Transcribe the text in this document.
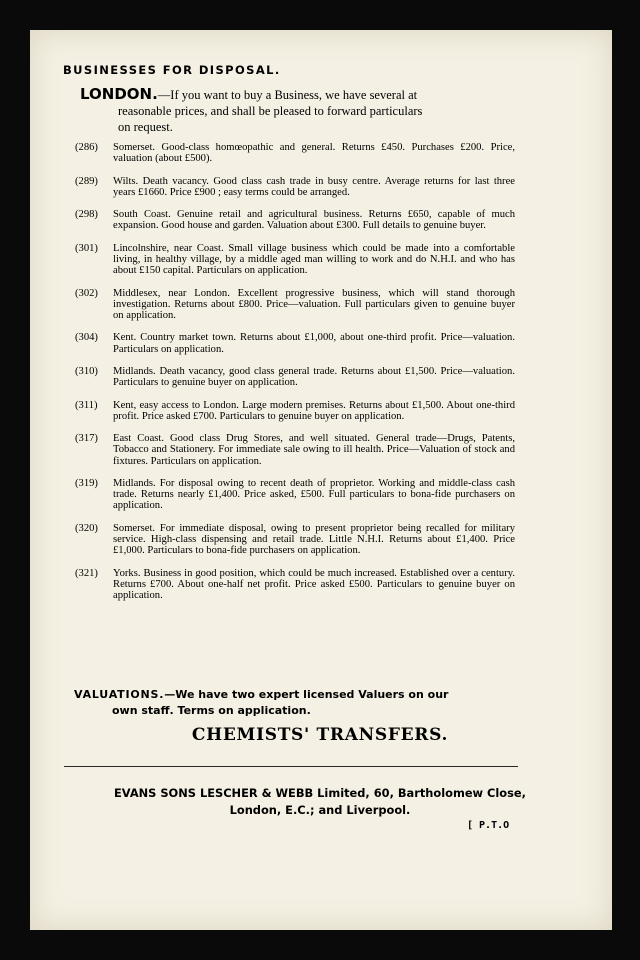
BUSINESSES FOR DISPOSAL.
LONDON.—If you want to buy a Business, we have several at
reasonable prices, and shall be pleased to forward particulars
on request.
(286)	Somerset. Good-class homœopathic and general. Returns £450. Purchases £200. Price, valuation (about £500).
(289)	Wilts. Death vacancy. Good class cash trade in busy centre. Average returns for last three years £1660. Price £900 ; easy terms could be arranged.
(298)	South Coast. Genuine retail and agricultural business. Returns £650, capable of much expansion. Good house and garden. Valuation about £300. Full details to genuine buyer.
(301)	Lincolnshire, near Coast. Small village business which could be made into a comfortable living, in healthy village, by a middle aged man willing to work and do N.H.I. and who has about £150 capital. Particulars on application.
(302)	Middlesex, near London. Excellent progressive business, which will stand thorough investigation. Returns about £800. Price—valuation. Full particulars given to genuine buyer on application.
(304)	Kent. Country market town. Returns about £1,000, about one-third profit. Price—valuation. Particulars on application.
(310)	Midlands. Death vacancy, good class general trade. Returns about £1,500. Price—valuation. Particulars to genuine buyer on application.
(311)	Kent, easy access to London. Large modern premises. Returns about £1,500. About one-third profit. Price asked £700. Particulars to genuine buyer on application.
(317)	East Coast. Good class Drug Stores, and well situated. General trade—Drugs, Patents, Tobacco and Stationery. For immediate sale owing to ill health. Price—Valuation of stock and fixtures. Particulars on application.
(319)	Midlands. For disposal owing to recent death of proprietor. Working and middle-class cash trade. Returns nearly £1,400. Price asked, £500. Full particulars to bona-fide purchasers on application.
(320)	Somerset. For immediate disposal, owing to present proprietor being recalled for military service. High-class dispensing and retail trade. Little N.H.I. Returns about £1,400. Price £1,000. Particulars to bona-fide purchasers on application.
(321)	Yorks. Business in good position, which could be much increased. Established over a century. Returns £700. About one-half net profit. Price asked £500. Particulars to genuine buyer on application.
VALUATIONS.—We have two expert licensed Valuers on our
own staff. Terms on application.
CHEMISTS' TRANSFERS.
EVANS SONS LESCHER & WEBB Limited, 60, Bartholomew Close,
London, E.C.; and Liverpool.
[ P.T.O
